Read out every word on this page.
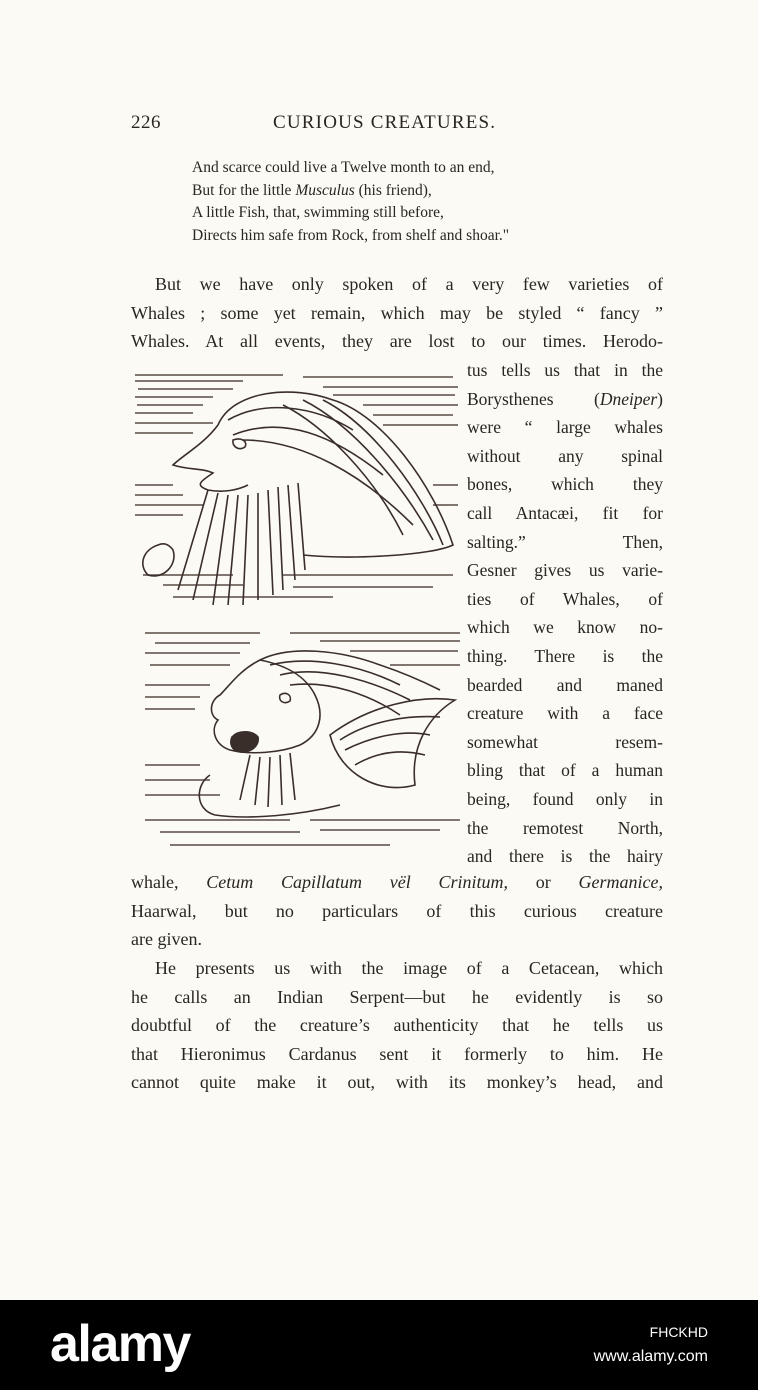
226	CURIOUS CREATURES.
And scarce could live a Twelve month to an end,
But for the little Musculus (his friend),
A little Fish, that, swimming still before,
Directs him safe from Rock, from shelf and shoar."
But we have only spoken of a very few varieties of
Whales ; some yet remain, which may be styled “ fancy ”
Whales. At all events, they are lost to our times. Herodo-
tus tells us that in the
Borysthenes (Dneiper)
were “ large whales
without any spinal
bones, which they
call Antacæi, fit for
salting.” Then,
Gesner gives us varie-
ties of Whales, of
which we know no-
thing. There is the
bearded and maned
creature with a face
somewhat resem-
bling that of a human
being, found only in
the remotest North,
and there is the hairy
whale, Cetum Capillatum vël Crinitum, or Germanice,
Haarwal, but no particulars of this curious creature
are given.
He presents us with the image of a Cetacean, which
he calls an Indian Serpent—but he evidently is so
doubtful of the creature’s authenticity that he tells us
that Hieronimus Cardanus sent it formerly to him. He
cannot quite make it out, with its monkey’s head, and
alamy	FHCKHD
www.alamy.com
